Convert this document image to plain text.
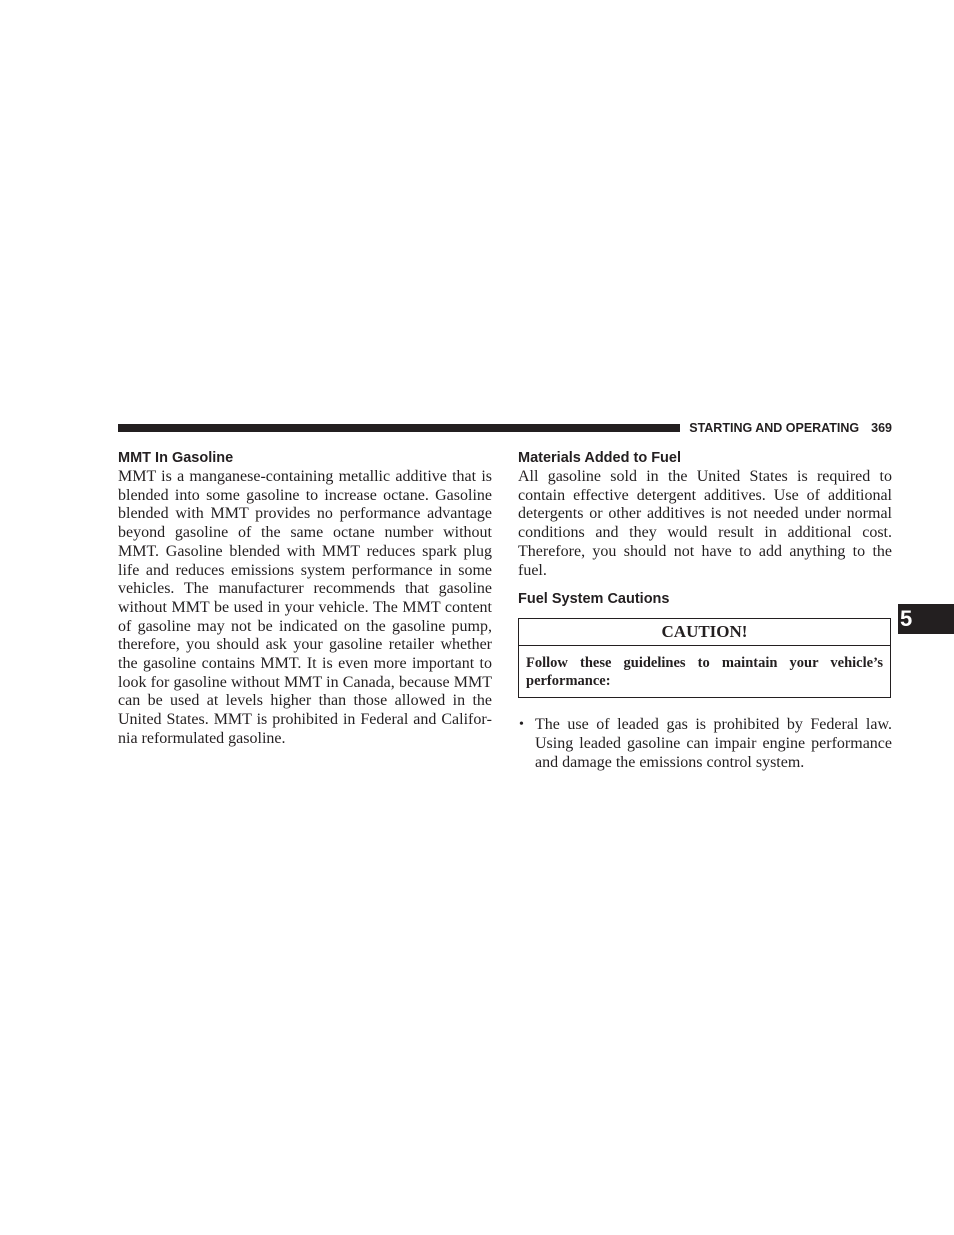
STARTING AND OPERATING 369
MMT In Gasoline

MMT is a manganese-containing metallic additive that is blended into some gasoline to increase octane. Gasoline blended with MMT provides no performance advantage beyond gasoline of the same octane number without MMT. Gasoline blended with MMT reduces spark plug life and reduces emissions system performance in some vehicles. The manufacturer recommends that gasoline without MMT be used in your vehicle. The MMT content of gasoline may not be indicated on the gasoline pump, therefore, you should ask your gasoline retailer whether the gasoline contains MMT. It is even more important to look for gasoline without MMT in Canada, because MMT can be used at levels higher than those allowed in the United States. MMT is prohibited in Federal and California reformulated gasoline.

Materials Added to Fuel

All gasoline sold in the United States is required to contain effective detergent additives. Use of additional detergents or other additives is not needed under normal conditions and they would result in additional cost. Therefore, you should not have to add anything to the fuel.

Fuel System Cautions
CAUTION!
Follow these guidelines to maintain your vehicle’s performance:
• The use of leaded gas is prohibited by Federal law. Using leaded gasoline can impair engine performance and damage the emissions control system.

5
